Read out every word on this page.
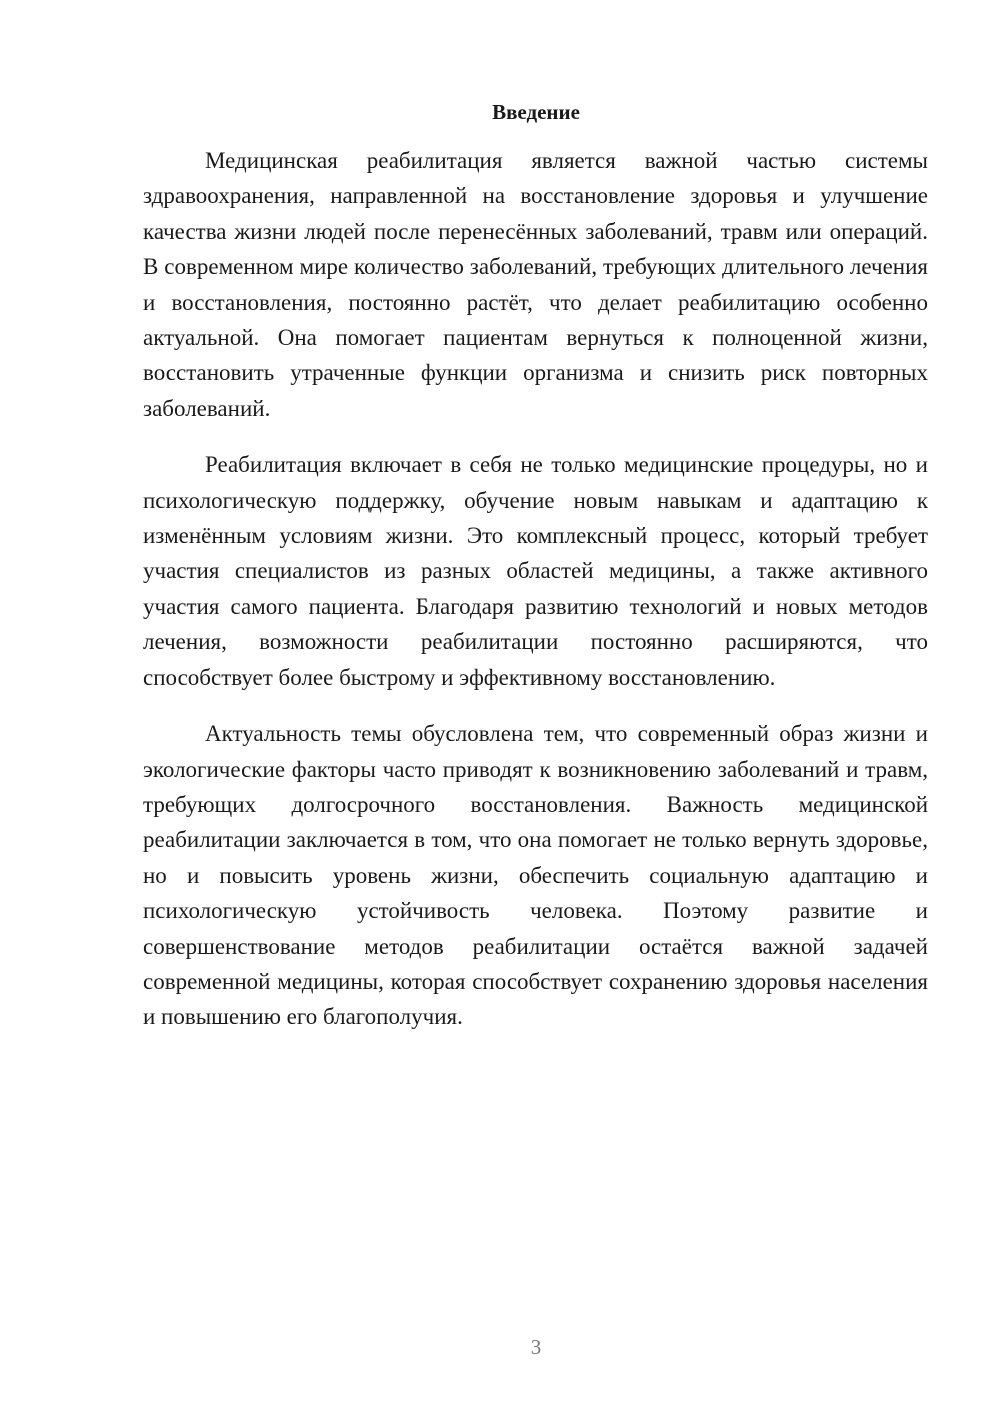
Введение

Медицинская реабилитация является важной частью системы здравоохранения, направленной на восстановление здоровья и улучшение качества жизни людей после перенесённых заболеваний, травм или операций. В современном мире количество заболеваний, требующих длительного лечения и восстановления, постоянно растёт, что делает реабилитацию особенно актуальной. Она помогает пациентам вернуться к полноценной жизни, восстановить утраченные функции организма и снизить риск повторных заболеваний.

Реабилитация включает в себя не только медицинские процедуры, но и психологическую поддержку, обучение новым навыкам и адаптацию к изменённым условиям жизни. Это комплексный процесс, который требует участия специалистов из разных областей медицины, а также активного участия самого пациента. Благодаря развитию технологий и новых методов лечения, возможности реабилитации постоянно расширяются, что способствует более быстрому и эффективному восстановлению.

Актуальность темы обусловлена тем, что современный образ жизни и экологические факторы часто приводят к возникновению заболеваний и травм, требующих долгосрочного восстановления. Важность медицинской реабилитации заключается в том, что она помогает не только вернуть здоровье, но и повысить уровень жизни, обеспечить социальную адаптацию и психологическую устойчивость человека. Поэтому развитие и совершенствование методов реабилитации остаётся важной задачей современной медицины, которая способствует сохранению здоровья населения и повышению его благополучия.

3
